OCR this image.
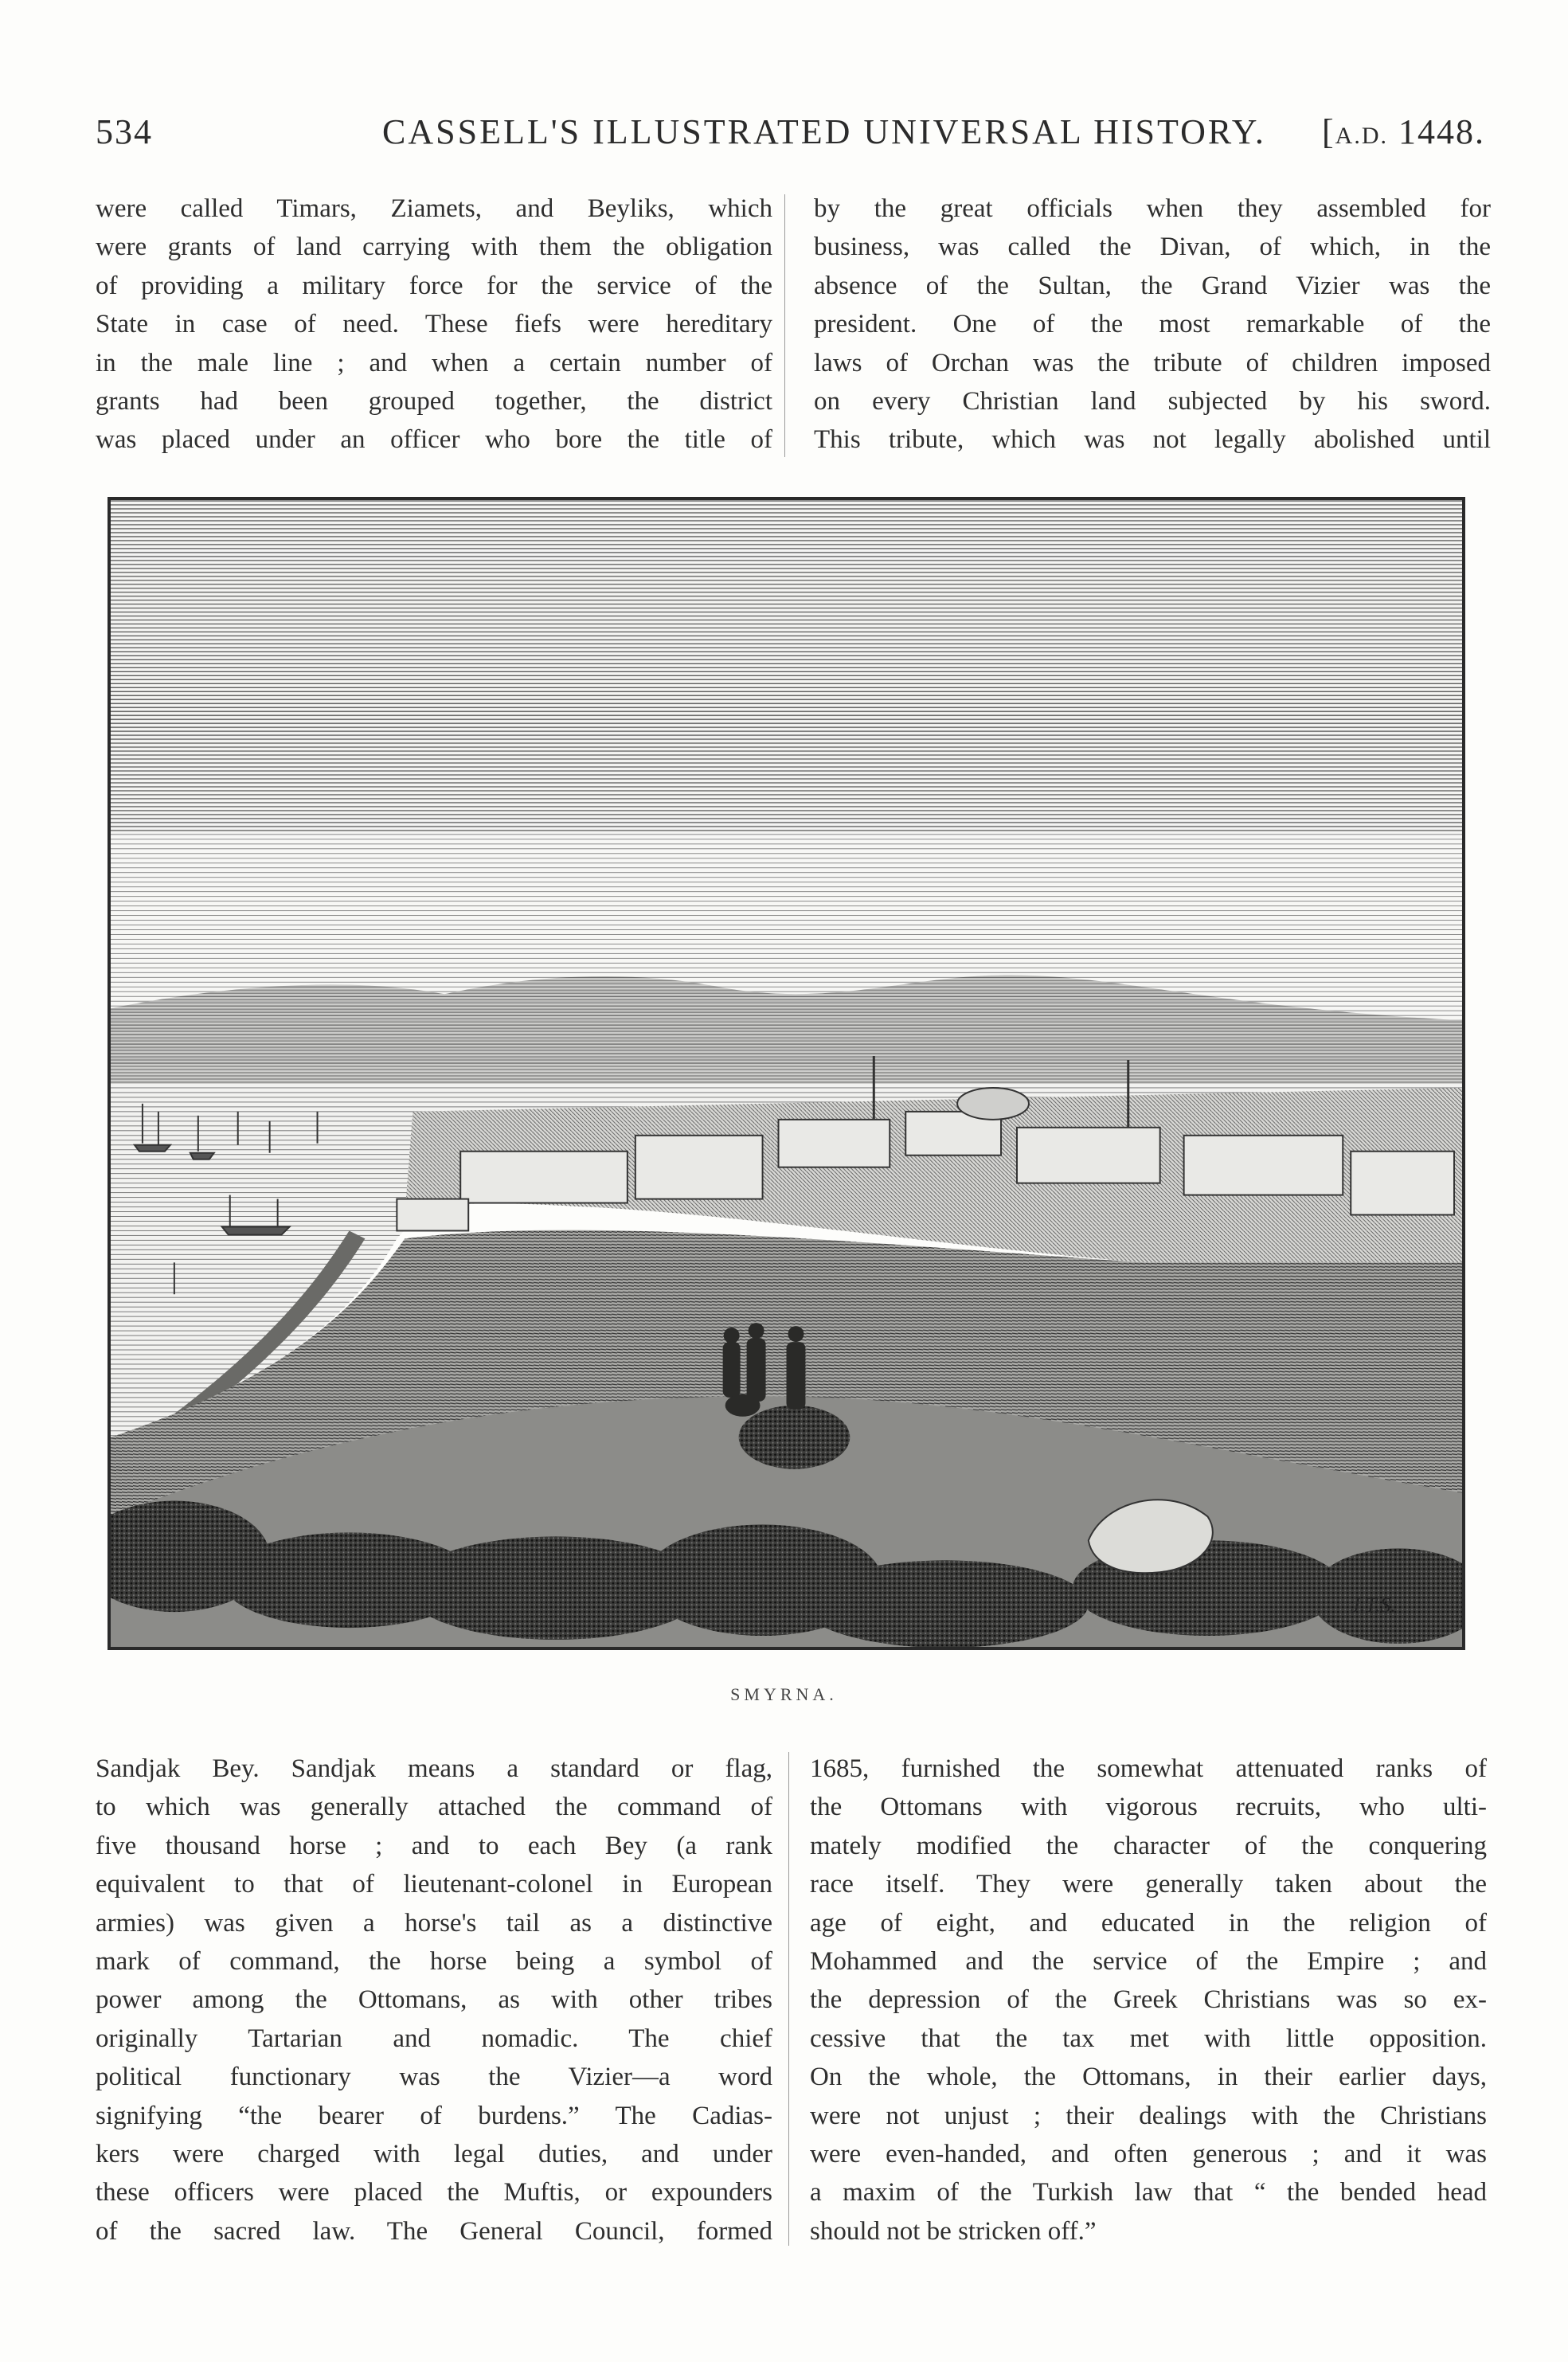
534	CASSELL'S ILLUSTRATED UNIVERSAL HISTORY. [A.D. 1448.
were called Timars, Ziamets, and Beyliks, which
were grants of land carrying with them the obligation
of providing a military force for the service of the
State in case of need. These fiefs were hereditary
in the male line ; and when a certain number of
grants had been grouped together, the district
was placed under an officer who bore the title of
by the great officials when they assembled for
business, was called the Divan, of which, in the
absence of the Sultan, the Grand Vizier was the
president. One of the most remarkable of the
laws of Orchan was the tribute of children imposed
on every Christian land subjected by his sword.
This tribute, which was not legally abolished until
J.T.S.
SMYRNA.
Sandjak Bey. Sandjak means a standard or flag,
to which was generally attached the command of
five thousand horse ; and to each Bey (a rank
equivalent to that of lieutenant-colonel in European
armies) was given a horse's tail as a distinctive
mark of command, the horse being a symbol of
power among the Ottomans, as with other tribes
originally Tartarian and nomadic. The chief
political functionary was the Vizier—a word
signifying “the bearer of burdens.” The Cadias-
kers were charged with legal duties, and under
these officers were placed the Muftis, or expounders
of the sacred law. The General Council, formed
1685, furnished the somewhat attenuated ranks of
the Ottomans with vigorous recruits, who ulti-
mately modified the character of the conquering
race itself. They were generally taken about the
age of eight, and educated in the religion of
Mohammed and the service of the Empire ; and
the depression of the Greek Christians was so ex-
cessive that the tax met with little opposition.
On the whole, the Ottomans, in their earlier days,
were not unjust ; their dealings with the Christians
were even-handed, and often generous ; and it was
a maxim of the Turkish law that “ the bended head
should not be stricken off.”
